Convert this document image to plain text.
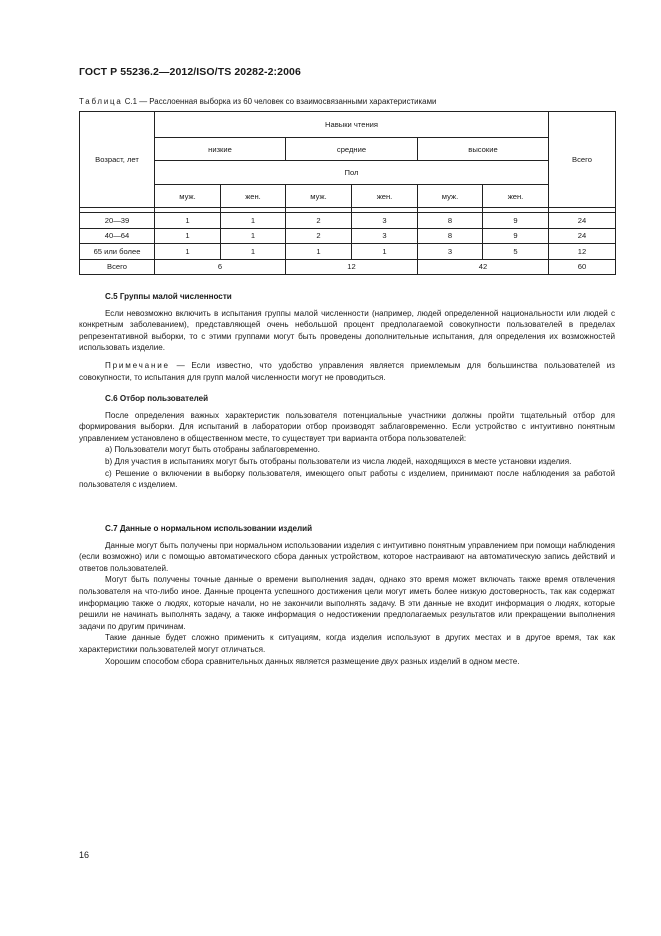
ГОСТ Р 55236.2—2012/ISO/TS 20282-2:2006
Таблица С.1 — Расслоенная выборка из 60 человек со взаимосвязанными характеристиками
Возраст, лет	Навыки чтения						Всего
	низкие		средние		высокие		
	Пол						
	муж.	жен.	муж.	жен.	муж.	жен.	

20—39	1	1	2	3	8	9	24
40—64	1	1	2	3	8	9	24
65 или более	1	1	1	1	3	5	12
Всего	6		12		42		60
С.5 Группы малой численности

Если невозможно включить в испытания группы малой численности (например, людей определенной национальности или людей с конкретным заболеванием), представляющей очень небольшой процент предполагаемой совокупности пользователей в пределах репрезентативной выборки, то с этими группами могут быть проведены дополнительные испытания, для определения их возможностей использовать изделие.

Примечание — Если известно, что удобство управления является приемлемым для большинства пользователей из совокупности, то испытания для групп малой численности могут не проводиться.

С.6 Отбор пользователей

После определения важных характеристик пользователя потенциальные участники должны пройти тщательный отбор для формирования выборки. Для испытаний в лаборатории отбор производят заблаговременно. Если устройство с интуитивно понятным управлением установлено в общественном месте, то существует три варианта отбора пользователей:

a) Пользователи могут быть отобраны заблаговременно.

b) Для участия в испытаниях могут быть отобраны пользователи из числа людей, находящихся в месте установки изделия.

c) Решение о включении в выборку пользователя, имеющего опыт работы с изделием, принимают после наблюдения за работой пользователя с изделием.

С.7 Данные о нормальном использовании изделий

Данные могут быть получены при нормальном использовании изделия с интуитивно понятным управлением при помощи наблюдения (если возможно) или с помощью автоматического сбора данных устройством, которое настраивают на автоматическую запись действий и ответов пользователей.

Могут быть получены точные данные о времени выполнения задач, однако это время может включать также время отвлечения пользователя на что-либо иное. Данные процента успешного достижения цели могут иметь более низкую достоверность, так как содержат информацию также о людях, которые начали, но не закончили выполнять задачу. В эти данные не входит информация о людях, которые решили не начинать выполнять задачу, а также информация о недостижении предполагаемых результатов или прекращении выполнения задачи по другим причинам.

Такие данные будет сложно применить к ситуациям, когда изделия используют в других местах и в другое время, так как характеристики пользователей могут отличаться.

Хорошим способом сбора сравнительных данных является размещение двух разных изделий в одном месте.

16
